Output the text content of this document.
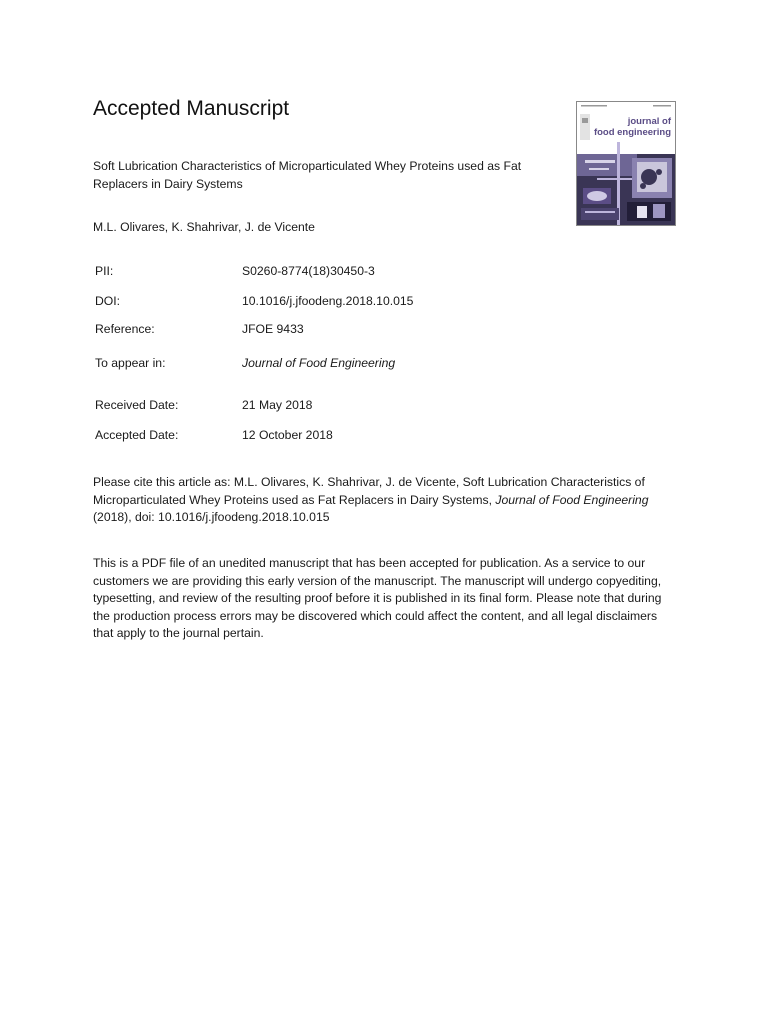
Accepted Manuscript

Soft Lubrication Characteristics of Microparticulated Whey Proteins used as Fat Replacers in Dairy Systems

M.L. Olivares, K. Shahrivar, J. de Vicente

journal of
food engineering
PII:	S0260-8774(18)30450-3
DOI:	10.1016/j.jfoodeng.2018.10.015
Reference:	JFOE 9433
To appear in:	Journal of Food Engineering
Received Date:	21 May 2018
Accepted Date:	12 October 2018

Please cite this article as: M.L. Olivares, K. Shahrivar, J. de Vicente, Soft Lubrication Characteristics of Microparticulated Whey Proteins used as Fat Replacers in Dairy Systems, Journal of Food Engineering (2018), doi: 10.1016/j.jfoodeng.2018.10.015

This is a PDF file of an unedited manuscript that has been accepted for publication. As a service to our customers we are providing this early version of the manuscript. The manuscript will undergo copyediting, typesetting, and review of the resulting proof before it is published in its final form. Please note that during the production process errors may be discovered which could affect the content, and all legal disclaimers that apply to the journal pertain.
